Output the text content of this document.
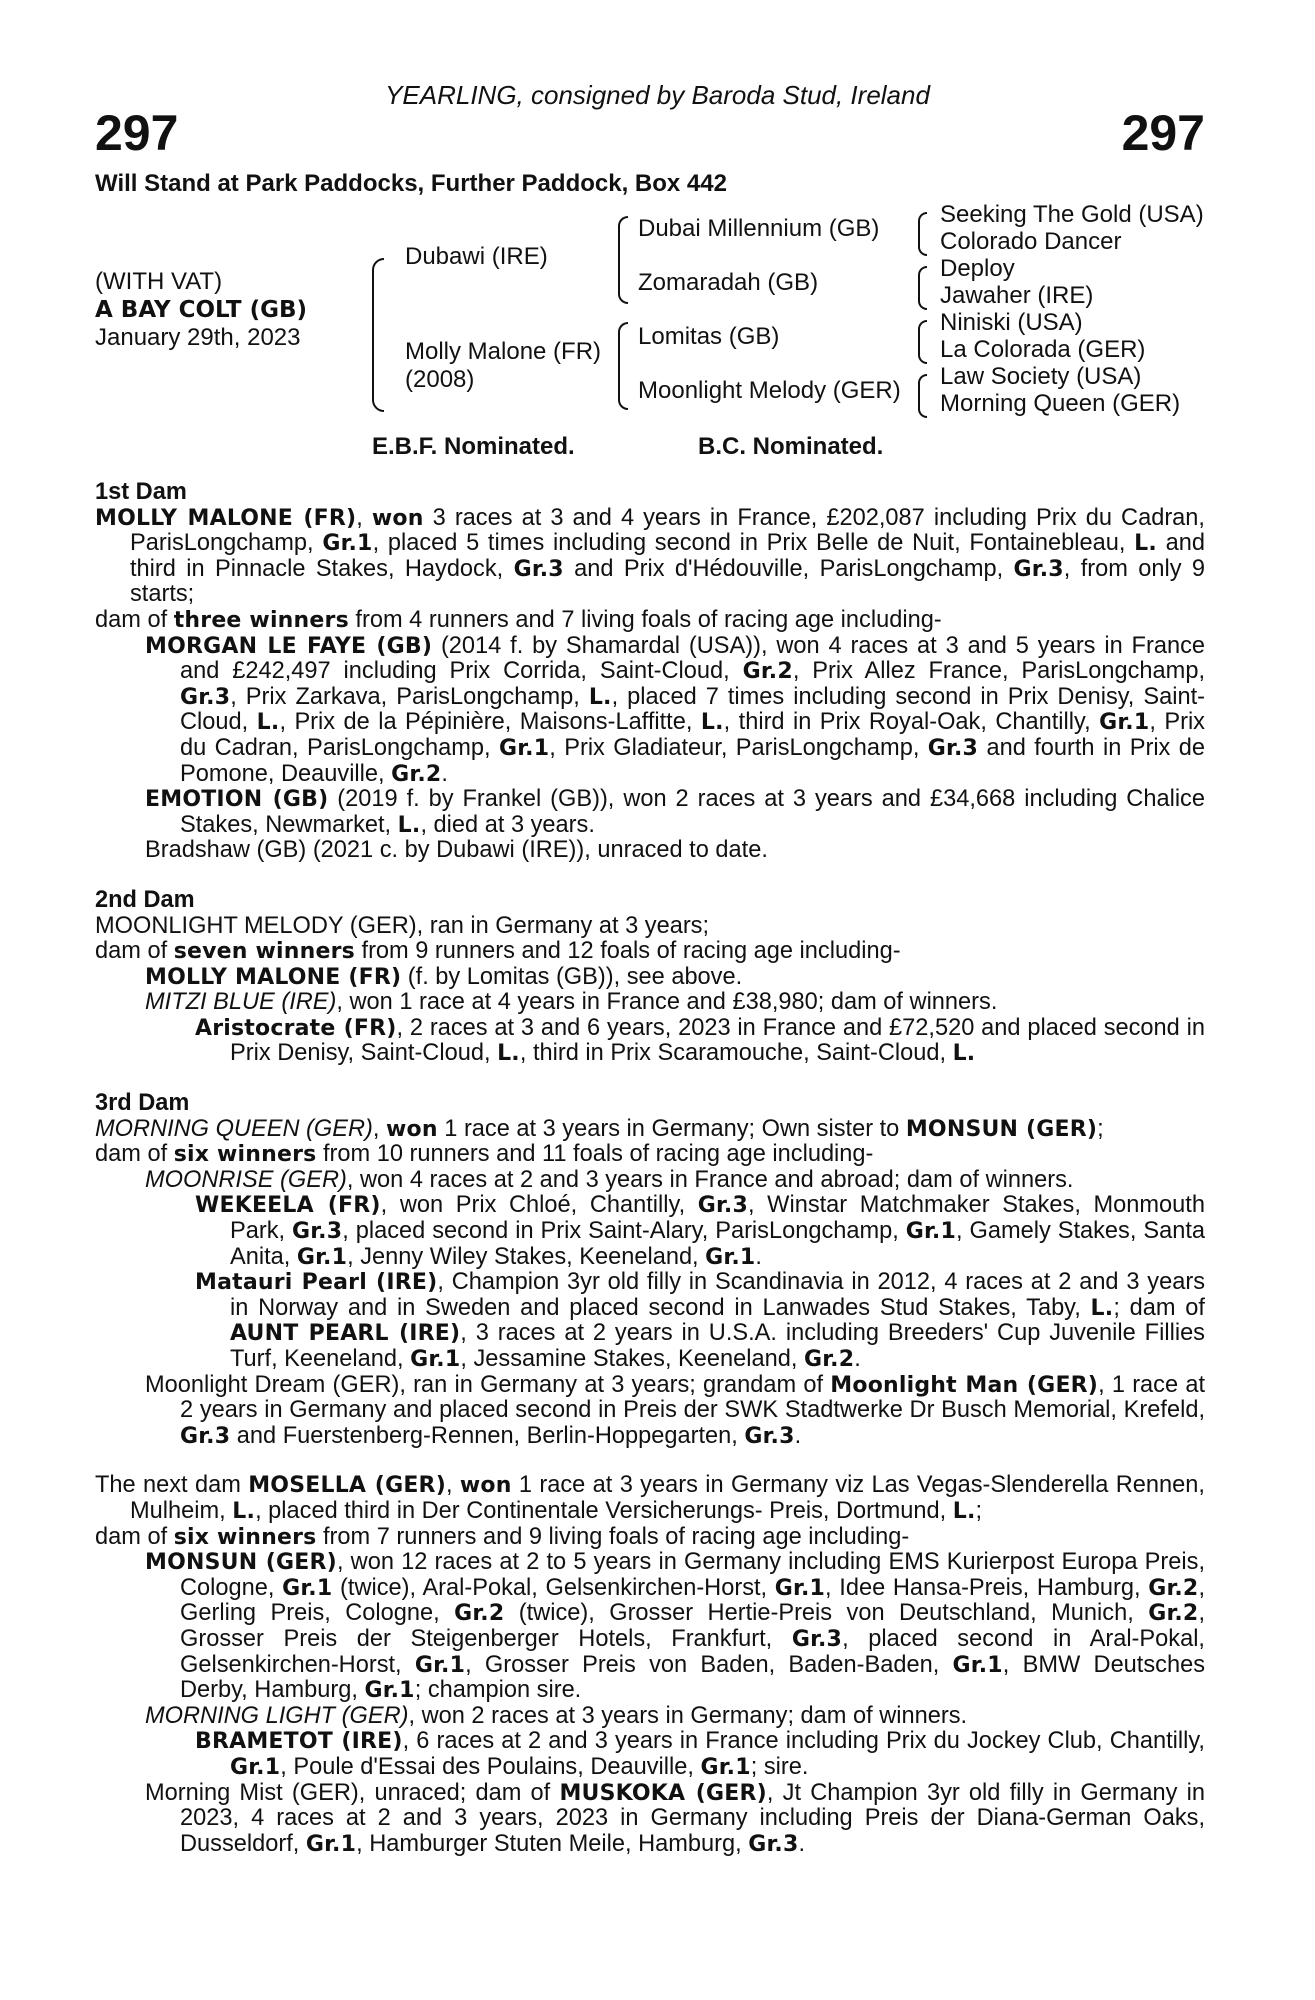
297
YEARLING, consigned by Baroda Stud, Ireland
297
Will Stand at Park Paddocks, Further Paddock, Box 442
(WITH VAT)
A BAY COLT (GB)
January 29th, 2023
Dubawi (IRE)
Molly Malone (FR)
(2008)
Dubai Millennium (GB)
Zomaradah (GB)
Lomitas (GB)
Moonlight Melody (GER)
Seeking The Gold (USA)
Colorado Dancer
Deploy
Jawaher (IRE)
Niniski (USA)
La Colorada (GER)
Law Society (USA)
Morning Queen (GER)
E.B.F. Nominated.	B.C. Nominated.
1st Dam
MOLLY MALONE (FR), won 3 races at 3 and 4 years in France, £202,087 including Prix du Cadran, ParisLongchamp, Gr.1, placed 5 times including second in Prix Belle de Nuit, Fontainebleau, L. and third in Pinnacle Stakes, Haydock, Gr.3 and Prix d'Hédouville, ParisLongchamp, Gr.3, from only 9 starts;
dam of three winners from 4 runners and 7 living foals of racing age including-
MORGAN LE FAYE (GB) (2014 f. by Shamardal (USA)), won 4 races at 3 and 5 years in France and £242,497 including Prix Corrida, Saint-Cloud, Gr.2, Prix Allez France, ParisLongchamp, Gr.3, Prix Zarkava, ParisLongchamp, L., placed 7 times including second in Prix Denisy, Saint-Cloud, L., Prix de la Pépinière, Maisons-Laffitte, L., third in Prix Royal-Oak, Chantilly, Gr.1, Prix du Cadran, ParisLongchamp, Gr.1, Prix Gladiateur, ParisLongchamp, Gr.3 and fourth in Prix de Pomone, Deauville, Gr.2.
EMOTION (GB) (2019 f. by Frankel (GB)), won 2 races at 3 years and £34,668 including Chalice Stakes, Newmarket, L., died at 3 years.
Bradshaw (GB) (2021 c. by Dubawi (IRE)), unraced to date.
2nd Dam
MOONLIGHT MELODY (GER), ran in Germany at 3 years;
dam of seven winners from 9 runners and 12 foals of racing age including-
MOLLY MALONE (FR) (f. by Lomitas (GB)), see above.
MITZI BLUE (IRE), won 1 race at 4 years in France and £38,980; dam of winners.
Aristocrate (FR), 2 races at 3 and 6 years, 2023 in France and £72,520 and placed second in Prix Denisy, Saint-Cloud, L., third in Prix Scaramouche, Saint-Cloud, L.
3rd Dam
MORNING QUEEN (GER), won 1 race at 3 years in Germany; Own sister to MONSUN (GER);
dam of six winners from 10 runners and 11 foals of racing age including-
MOONRISE (GER), won 4 races at 2 and 3 years in France and abroad; dam of winners.
WEKEELA (FR), won Prix Chloé, Chantilly, Gr.3, Winstar Matchmaker Stakes, Monmouth Park, Gr.3, placed second in Prix Saint-Alary, ParisLongchamp, Gr.1, Gamely Stakes, Santa Anita, Gr.1, Jenny Wiley Stakes, Keeneland, Gr.1.
Matauri Pearl (IRE), Champion 3yr old filly in Scandinavia in 2012, 4 races at 2 and 3 years in Norway and in Sweden and placed second in Lanwades Stud Stakes, Taby, L.; dam of AUNT PEARL (IRE), 3 races at 2 years in U.S.A. including Breeders' Cup Juvenile Fillies Turf, Keeneland, Gr.1, Jessamine Stakes, Keeneland, Gr.2.
Moonlight Dream (GER), ran in Germany at 3 years; grandam of Moonlight Man (GER), 1 race at 2 years in Germany and placed second in Preis der SWK Stadtwerke Dr Busch Memorial, Krefeld, Gr.3 and Fuerstenberg-Rennen, Berlin-Hoppegarten, Gr.3.
The next dam MOSELLA (GER), won 1 race at 3 years in Germany viz Las Vegas-Slenderella Rennen, Mulheim, L., placed third in Der Continentale Versicherungs- Preis, Dortmund, L.;
dam of six winners from 7 runners and 9 living foals of racing age including-
MONSUN (GER), won 12 races at 2 to 5 years in Germany including EMS Kurierpost Europa Preis, Cologne, Gr.1 (twice), Aral-Pokal, Gelsenkirchen-Horst, Gr.1, Idee Hansa-Preis, Hamburg, Gr.2, Gerling Preis, Cologne, Gr.2 (twice), Grosser Hertie-Preis von Deutschland, Munich, Gr.2, Grosser Preis der Steigenberger Hotels, Frankfurt, Gr.3, placed second in Aral-Pokal, Gelsenkirchen-Horst, Gr.1, Grosser Preis von Baden, Baden-Baden, Gr.1, BMW Deutsches Derby, Hamburg, Gr.1; champion sire.
MORNING LIGHT (GER), won 2 races at 3 years in Germany; dam of winners.
BRAMETOT (IRE), 6 races at 2 and 3 years in France including Prix du Jockey Club, Chantilly, Gr.1, Poule d'Essai des Poulains, Deauville, Gr.1; sire.
Morning Mist (GER), unraced; dam of MUSKOKA (GER), Jt Champion 3yr old filly in Germany in 2023, 4 races at 2 and 3 years, 2023 in Germany including Preis der Diana-German Oaks, Dusseldorf, Gr.1, Hamburger Stuten Meile, Hamburg, Gr.3.
